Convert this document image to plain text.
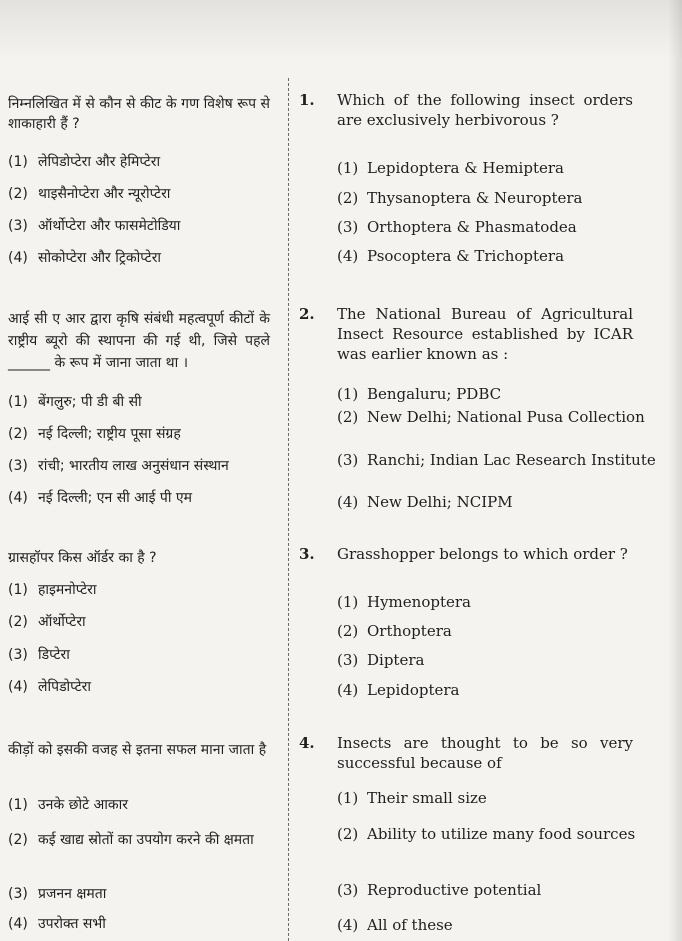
निम्नलिखित में से कौन से कीट के गण विशेष रूप से शाकाहारी हैं ?
(1) लेपिडोप्टेरा और हेमिप्टेरा
(2) थाइसैनोप्टेरा और न्यूरोप्टेरा
(3) ऑर्थोप्टेरा और फासमेटोडिया
(4) सोकोप्टेरा और ट्रिकोप्टेरा
आई सी ए आर द्वारा कृषि संबंधी महत्वपूर्ण कीटों के राष्ट्रीय ब्यूरो की स्थापना की गई थी, जिसे पहले ______ के रूप में जाना जाता था ।
(1) बेंगलुरु; पी डी बी सी
(2) नई दिल्ली; राष्ट्रीय पूसा संग्रह
(3) रांची; भारतीय लाख अनुसंधान संस्थान
(4) नई दिल्ली; एन सी आई पी एम
ग्रासहॉपर किस ऑर्डर का है ?
(1) हाइमनोप्टेरा
(2) ऑर्थोप्टेरा
(3) डिप्टेरा
(4) लेपिडोप्टेरा
कीड़ों को इसकी वजह से इतना सफल माना जाता है
(1) उनके छोटे आकार
(2) कई खाद्य स्रोतों का उपयोग करने की क्षमता
(3) प्रजनन क्षमता
(4) उपरोक्त सभी
1.	Which of the following insect orders are exclusively herbivorous ?
(1) Lepidoptera & Hemiptera
(2) Thysanoptera & Neuroptera
(3) Orthoptera & Phasmatodea
(4) Psocoptera & Trichoptera
2.	The National Bureau of Agricultural Insect Resource established by ICAR was earlier known as :
(1) Bengaluru; PDBC
(2) New Delhi; National Pusa Collection
(3) Ranchi; Indian Lac Research Institute
(4) New Delhi; NCIPM
3.	Grasshopper belongs to which order ?
(1) Hymenoptera
(2) Orthoptera
(3) Diptera
(4) Lepidoptera
4.	Insects are thought to be so very successful because of
(1) Their small size
(2) Ability to utilize many food sources
(3) Reproductive potential
(4) All of these
